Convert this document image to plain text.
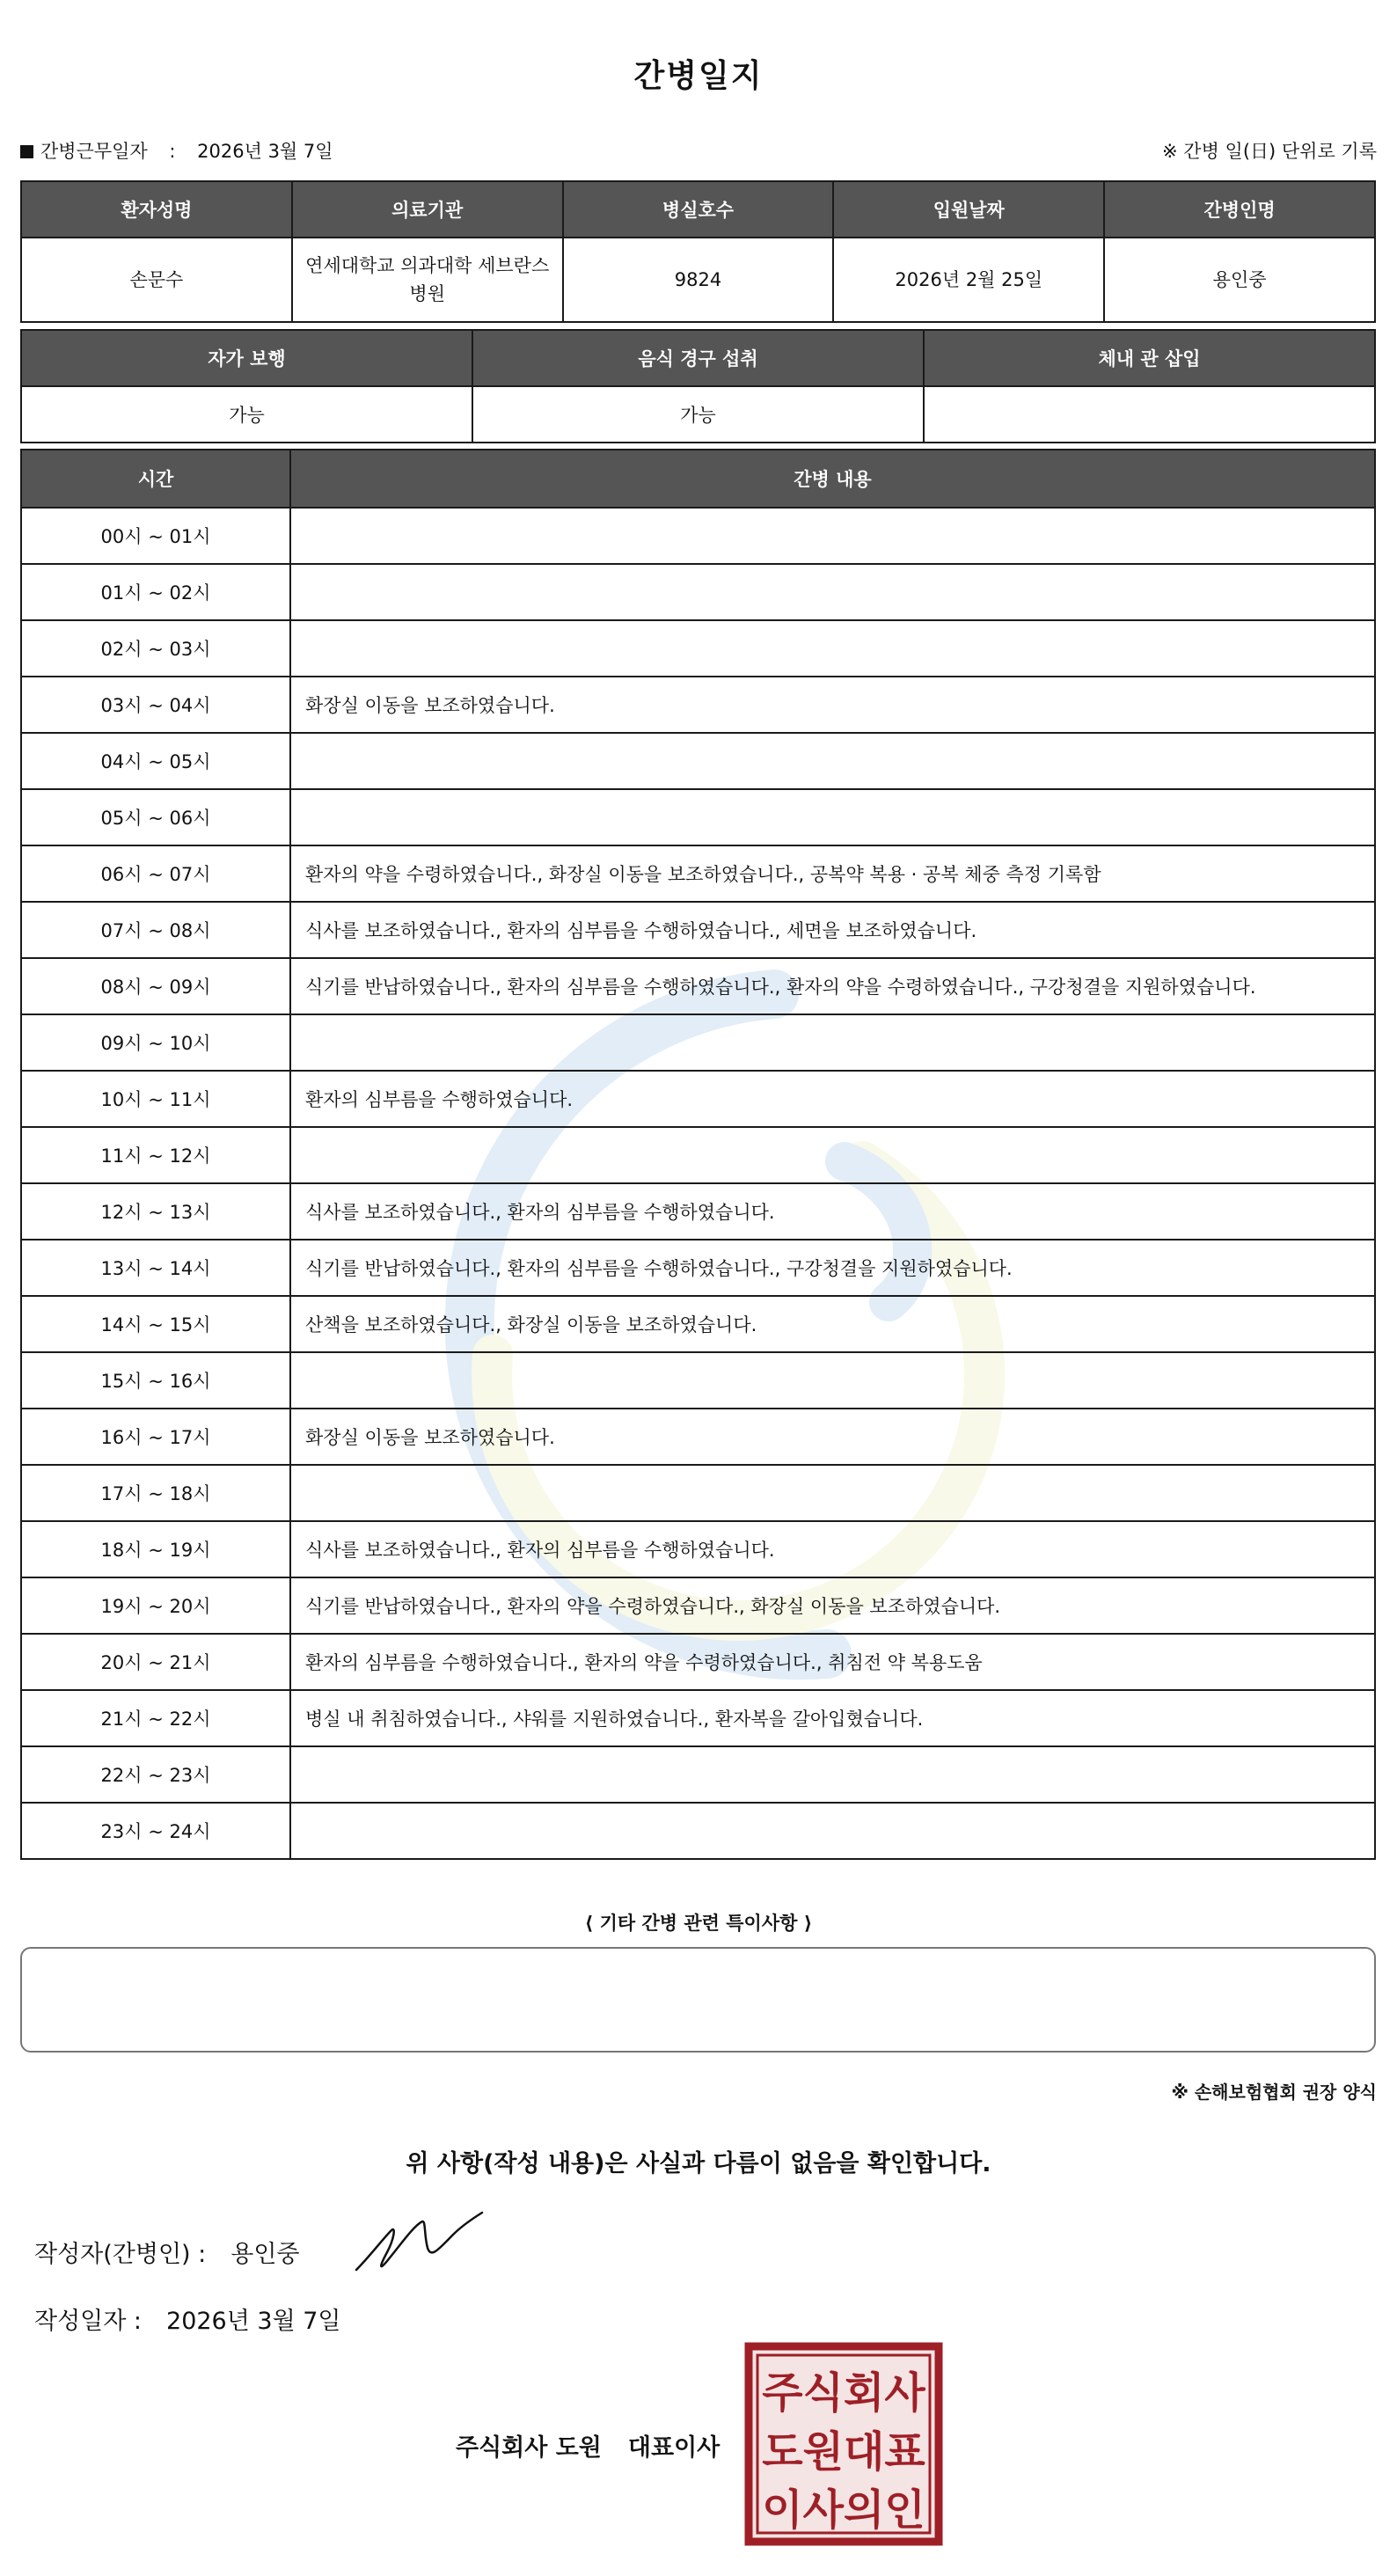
간병일지
간병근무일자 : 2026년 3월 7일	※ 간병 일(日) 단위로 기록
환자성명	의료기관	병실호수	입원날짜	간병인명
손문수	연세대학교 의과대학 세브란스병원	9824	2026년 2월 25일	용인중
자가 보행	음식 경구 섭취	체내 관 삽입
가능	가능	
시간	간병 내용
00시 ~ 01시	
01시 ~ 02시	
02시 ~ 03시	
03시 ~ 04시	화장실 이동을 보조하였습니다.
04시 ~ 05시	
05시 ~ 06시	
06시 ~ 07시	환자의 약을 수령하였습니다., 화장실 이동을 보조하였습니다., 공복약 복용 · 공복 체중 측정 기록함
07시 ~ 08시	식사를 보조하였습니다., 환자의 심부름을 수행하였습니다., 세면을 보조하였습니다.
08시 ~ 09시	식기를 반납하였습니다., 환자의 심부름을 수행하였습니다., 환자의 약을 수령하였습니다., 구강청결을 지원하였습니다.
09시 ~ 10시	
10시 ~ 11시	환자의 심부름을 수행하였습니다.
11시 ~ 12시	
12시 ~ 13시	식사를 보조하였습니다., 환자의 심부름을 수행하였습니다.
13시 ~ 14시	식기를 반납하였습니다., 환자의 심부름을 수행하였습니다., 구강청결을 지원하였습니다.
14시 ~ 15시	산책을 보조하였습니다., 화장실 이동을 보조하였습니다.
15시 ~ 16시	
16시 ~ 17시	화장실 이동을 보조하였습니다.
17시 ~ 18시	
18시 ~ 19시	식사를 보조하였습니다., 환자의 심부름을 수행하였습니다.
19시 ~ 20시	식기를 반납하였습니다., 환자의 약을 수령하였습니다., 화장실 이동을 보조하였습니다.
20시 ~ 21시	환자의 심부름을 수행하였습니다., 환자의 약을 수령하였습니다., 취침전 약 복용도움
21시 ~ 22시	병실 내 취침하였습니다., 샤워를 지원하였습니다., 환자복을 갈아입혔습니다.
22시 ~ 23시	
23시 ~ 24시	
⟨ 기타 간병 관련 특이사항 ⟩
※ 손해보험협회 권장 양식
위 사항(작성 내용)은 사실과 다름이 없음을 확인합니다.
작성자(간병인) : 용인중
작성일자 : 2026년 3월 7일
주식회사 도원 대표이사
주식회사
도원대표
이사의인
